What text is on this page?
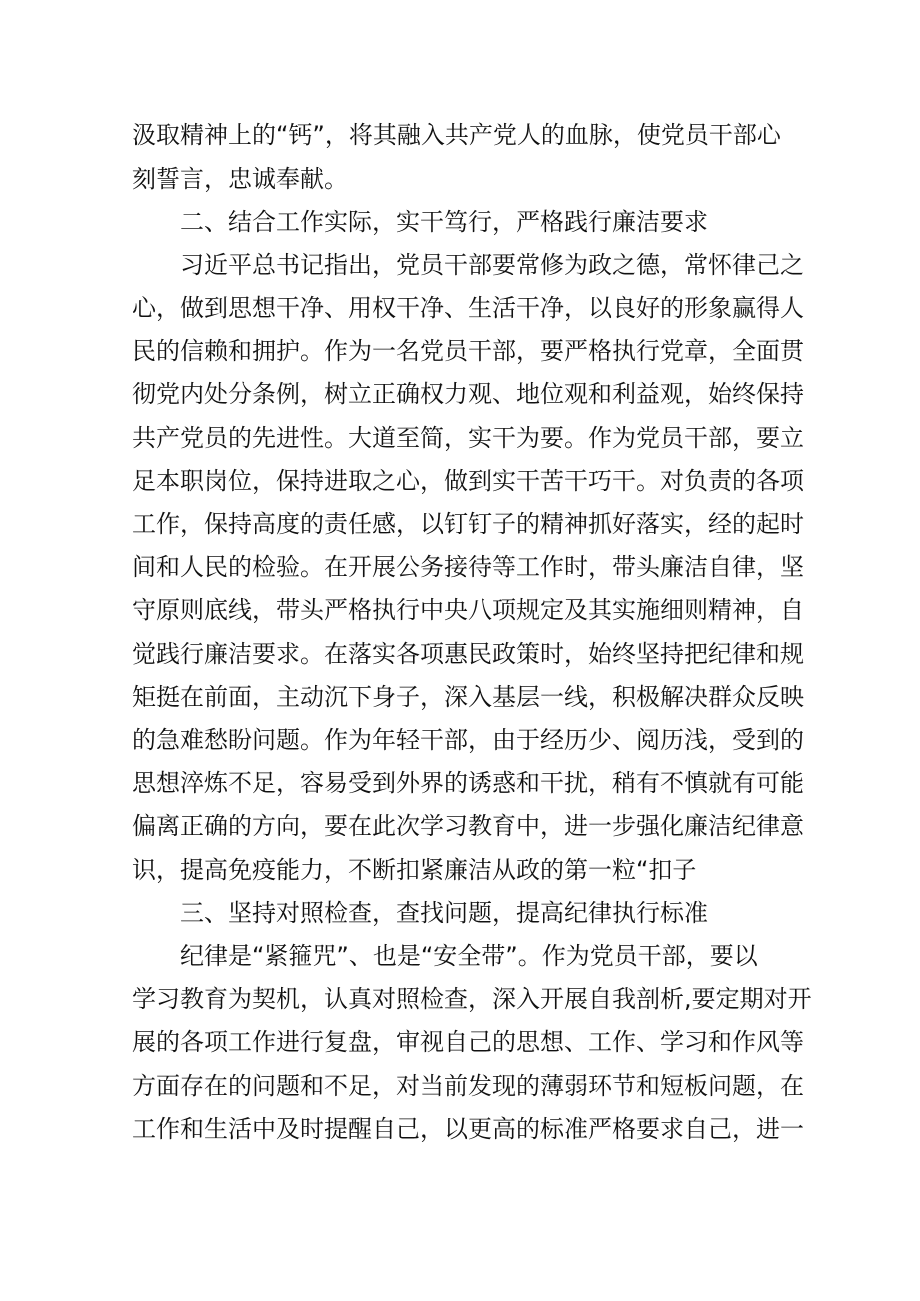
汲取精神上的“钙”，将其融入共产党人的血脉，使党员干部心

刻誓言，忠诚奉献。

二、结合工作实际，实干笃行，严格践行廉洁要求

习近平总书记指出，党员干部要常修为政之德，常怀律己之

心，做到思想干净、用权干净、生活干净，以良好的形象赢得人

民的信赖和拥护。作为一名党员干部，要严格执行党章，全面贯

彻党内处分条例，树立正确权力观、地位观和利益观，始终保持

共产党员的先进性。大道至简，实干为要。作为党员干部，要立

足本职岗位，保持进取之心，做到实干苦干巧干。对负责的各项

工作，保持高度的责任感，以钉钉子的精神抓好落实，经的起时

间和人民的检验。在开展公务接待等工作时，带头廉洁自律，坚

守原则底线，带头严格执行中央八项规定及其实施细则精神，自

觉践行廉洁要求。在落实各项惠民政策时，始终坚持把纪律和规

矩挺在前面，主动沉下身子，深入基层一线，积极解决群众反映

的急难愁盼问题。作为年轻干部，由于经历少、阅历浅，受到的

思想淬炼不足，容易受到外界的诱惑和干扰，稍有不慎就有可能

偏离正确的方向，要在此次学习教育中，进一步强化廉洁纪律意

识，提高免疫能力，不断扣紧廉洁从政的第一粒“扣子

三、坚持对照检查，查找问题，提高纪律执行标准

纪律是“紧箍咒”、也是“安全带”。作为党员干部，要以

学习教育为契机，认真对照检查，深入开展自我剖析,要定期对开

展的各项工作进行复盘，审视自己的思想、工作、学习和作风等

方面存在的问题和不足，对当前发现的薄弱环节和短板问题，在

工作和生活中及时提醒自己，以更高的标准严格要求自己，进一
